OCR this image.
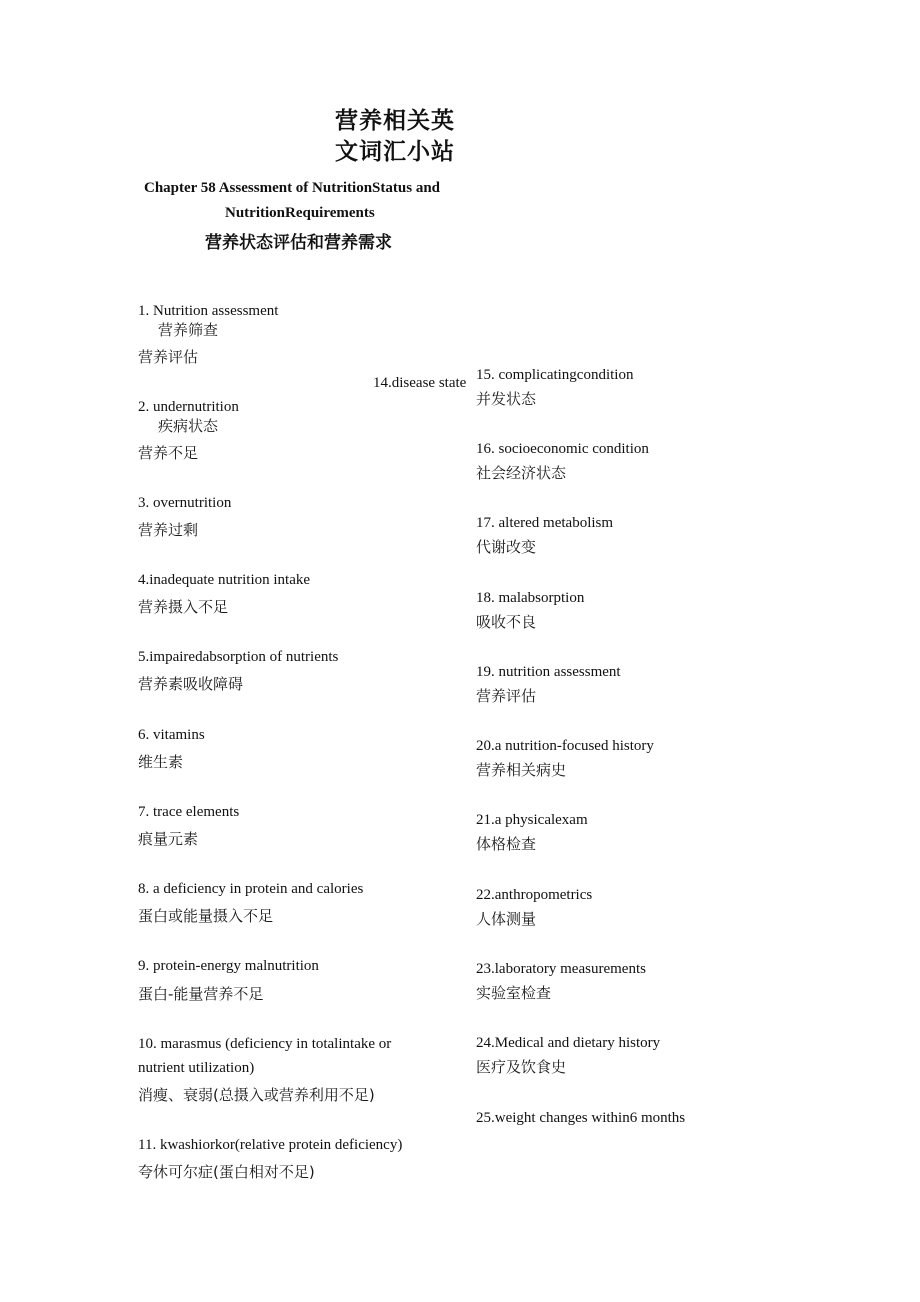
营养相关英
文词汇小站
Chapter 58 Assessment of NutritionStatus and
NutritionRequirements
营养状态评估和营养需求
1. Nutrition assessment
营养筛查
营养评估
2. undernutrition
疾病状态
营养不足
3. overnutrition
营养过剩
4.inadequate nutrition intake
营养摄入不足
5.impairedabsorption of nutrients
营养素吸收障碍
6. vitamins
维生素
7. trace elements
痕量元素
8. a deficiency in protein and calories
蛋白或能量摄入不足
9. protein-energy malnutrition
蛋白-能量营养不足
10. marasmus (deficiency in totalintake or
nutrient utilization)
消瘦、衰弱(总摄入或营养利用不足)
11. kwashiorkor(relative protein deficiency)
夸休可尔症(蛋白相对不足)
14.disease state 15. complicatingcondition
并发状态
16. socioeconomic condition
社会经济状态
17. altered metabolism
代谢改变
18. malabsorption
吸收不良
19. nutrition assessment
营养评估
20.a nutrition-focused history
营养相关病史
21.a physicalexam
体格检查
22.anthropometrics
人体测量
23.laboratory measurements
实验室检查
24.Medical and dietary history
医疗及饮食史
25.weight changes within6 months
